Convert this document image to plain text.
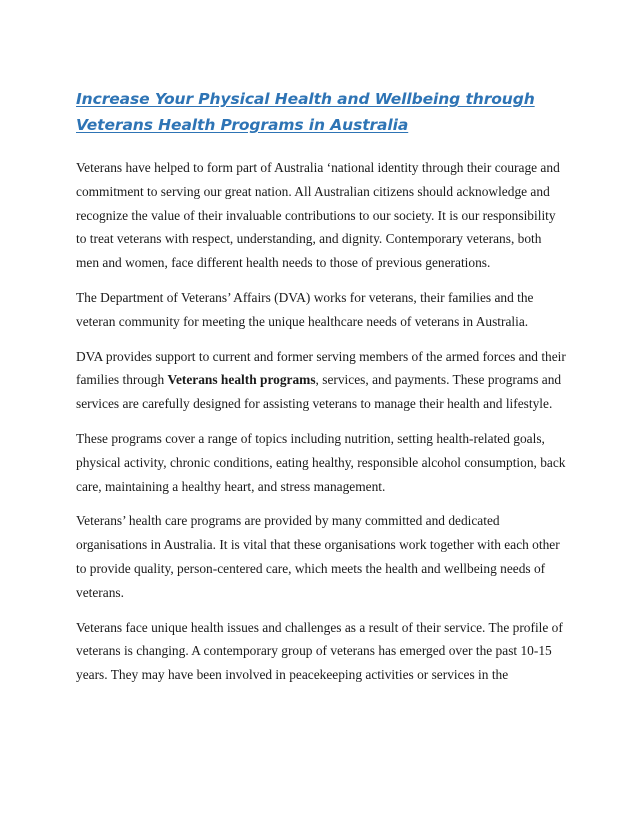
Increase Your Physical Health and Wellbeing through Veterans Health Programs in Australia

Veterans have helped to form part of Australia ‘national identity through their courage and commitment to serving our great nation. All Australian citizens should acknowledge and recognize the value of their invaluable contributions to our society. It is our responsibility to treat veterans with respect, understanding, and dignity. Contemporary veterans, both men and women, face different health needs to those of previous generations.

The Department of Veterans’ Affairs (DVA) works for veterans, their families and the veteran community for meeting the unique healthcare needs of veterans in Australia.

DVA provides support to current and former serving members of the armed forces and their families through Veterans health programs, services, and payments. These programs and services are carefully designed for assisting veterans to manage their health and lifestyle.

These programs cover a range of topics including nutrition, setting health-related goals, physical activity, chronic conditions, eating healthy, responsible alcohol consumption, back care, maintaining a healthy heart, and stress management.

Veterans’ health care programs are provided by many committed and dedicated organisations in Australia. It is vital that these organisations work together with each other to provide quality, person-centered care, which meets the health and wellbeing needs of veterans.

Veterans face unique health issues and challenges as a result of their service. The profile of veterans is changing. A contemporary group of veterans has emerged over the past 10-15 years. They may have been involved in peacekeeping activities or services in the
